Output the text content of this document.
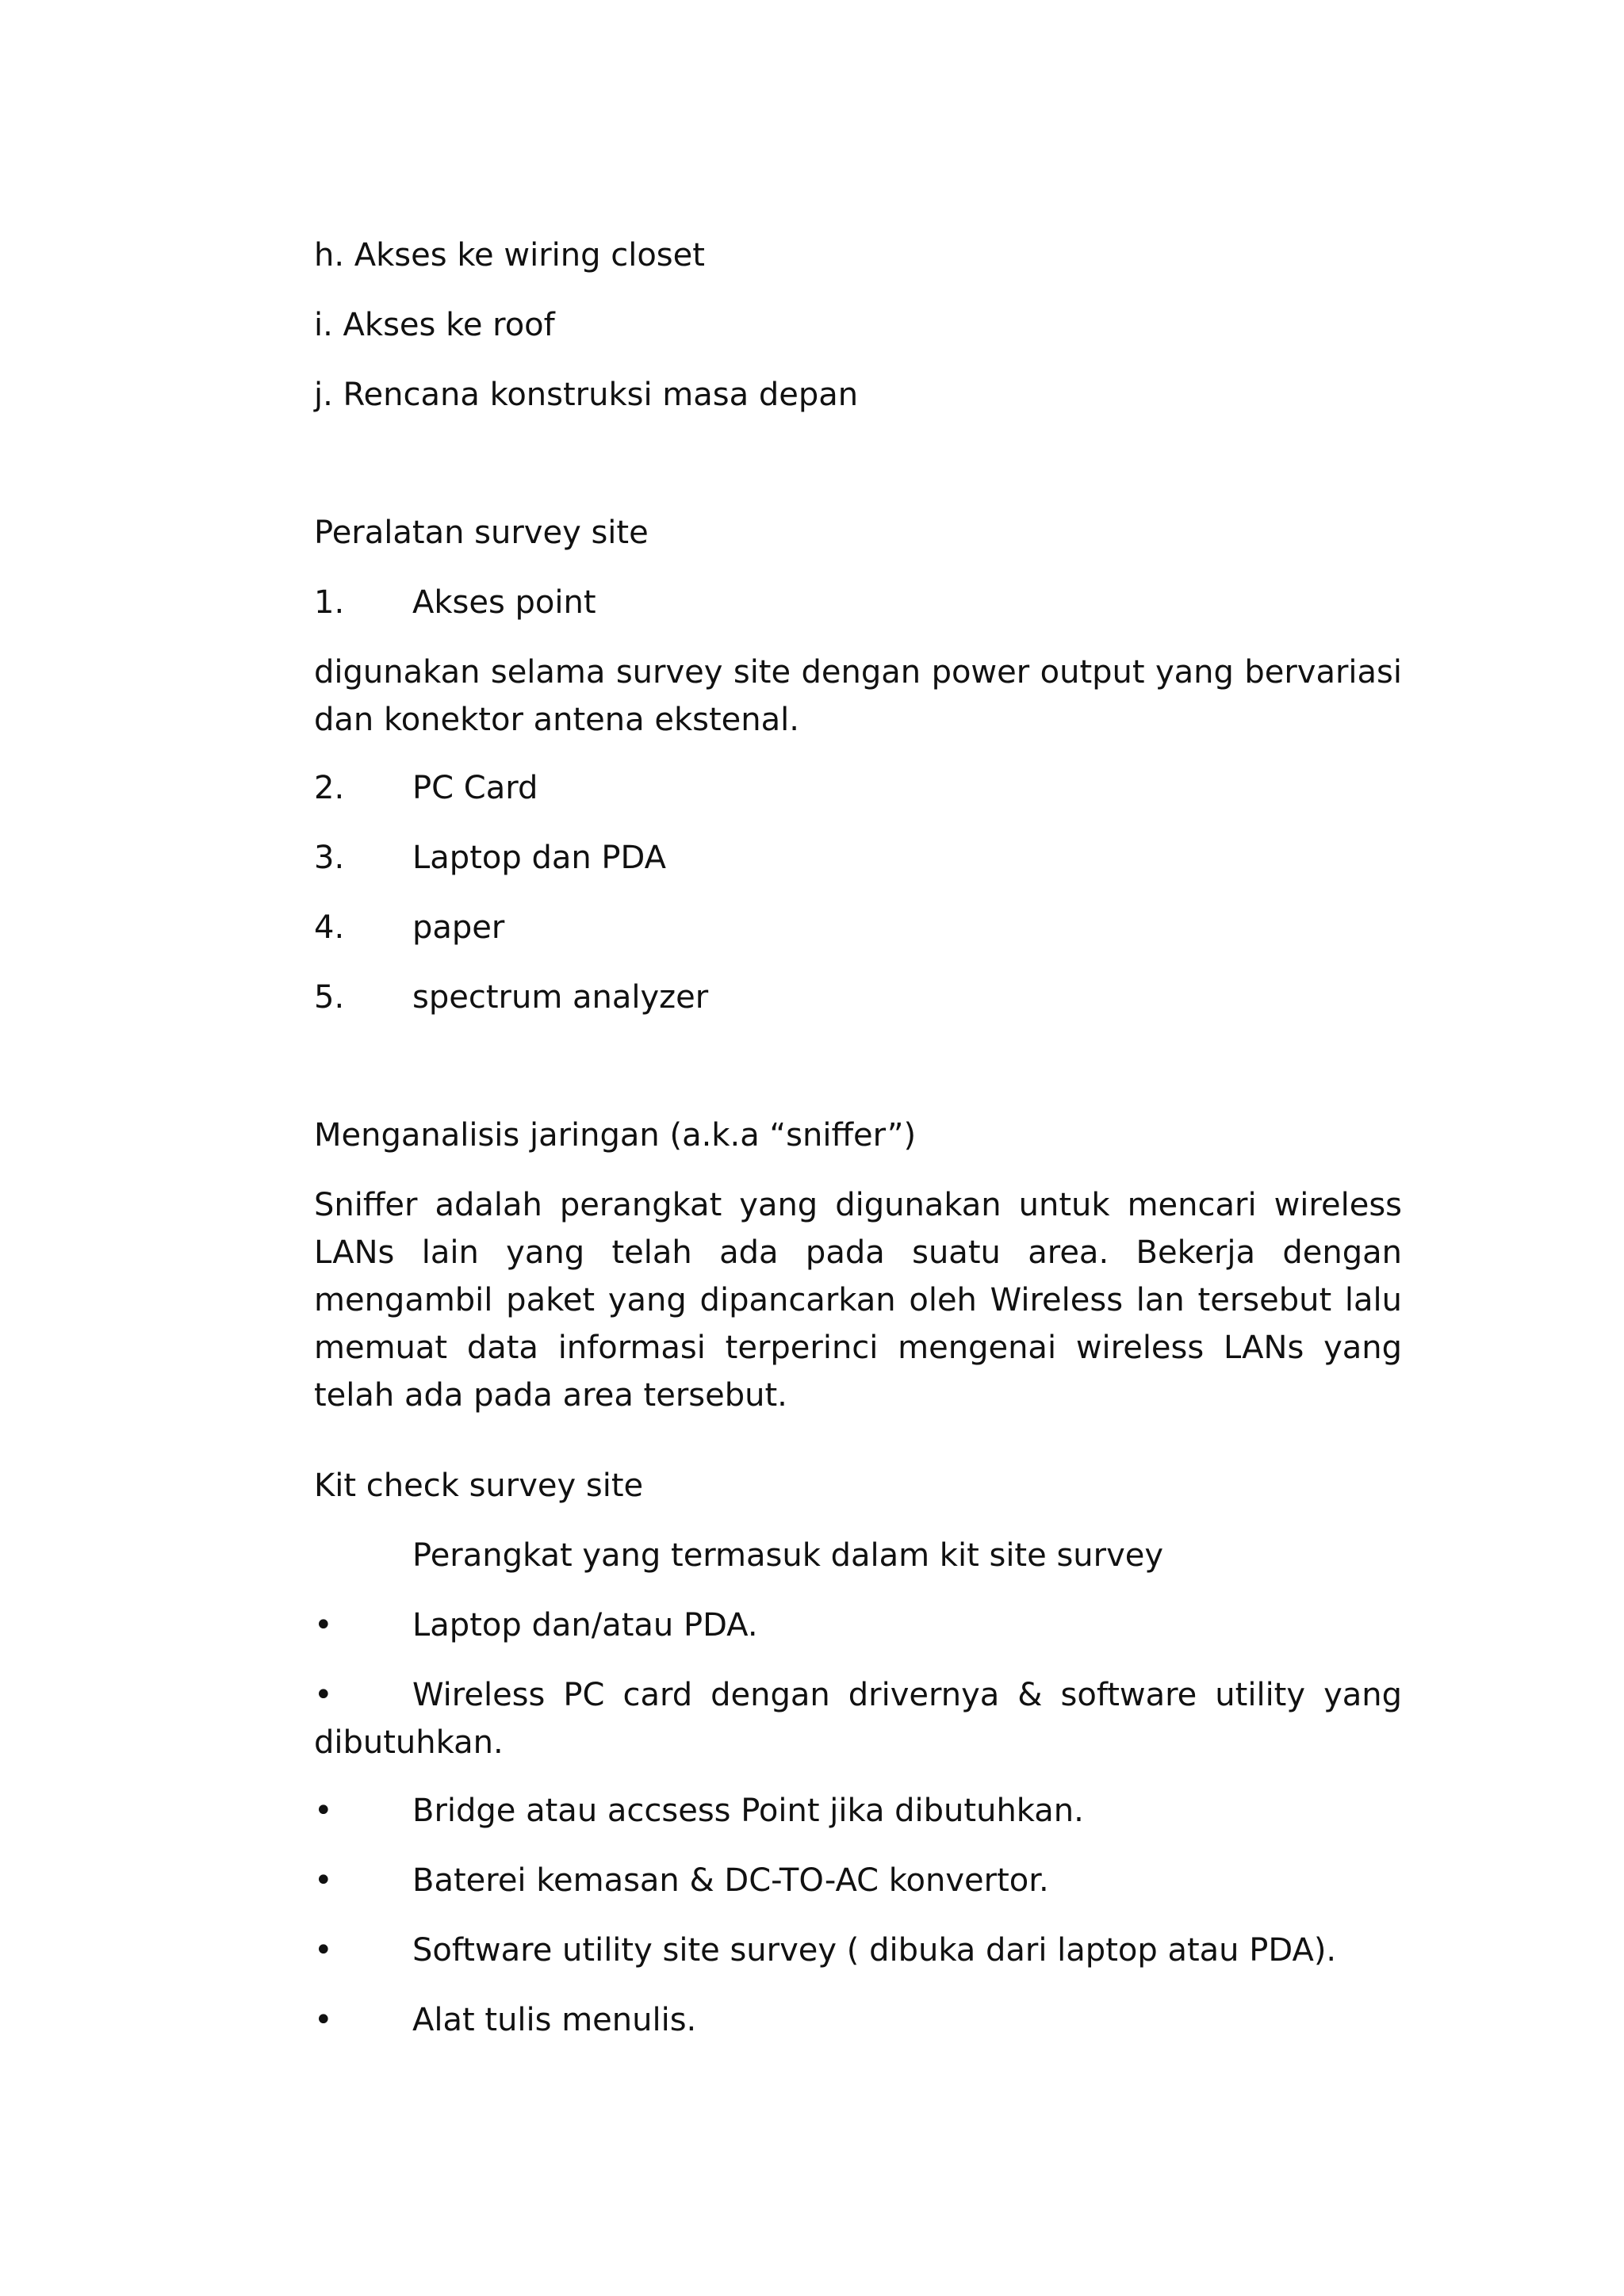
h. Akses ke wiring closet
i. Akses ke roof
j. Rencana konstruksi masa depan
Peralatan survey site
1. Akses point
digunakan selama survey site dengan power output yang bervariasi dan konektor antena ekstenal.
2. PC Card
3. Laptop dan PDA
4. paper
5. spectrum analyzer
Menganalisis jaringan (a.k.a “sniffer”)
Sniffer adalah perangkat yang digunakan untuk mencari wireless LANs lain yang telah ada pada suatu area. Bekerja dengan mengambil paket yang dipancarkan oleh Wireless lan tersebut lalu memuat data informasi terperinci mengenai wireless LANs yang telah ada pada area tersebut.
Kit check survey site
Perangkat yang termasuk dalam kit site survey
•	Laptop dan/atau PDA.
•	Wireless PC card dengan drivernya & software utility yang dibutuhkan.
•	Bridge atau accsess Point jika dibutuhkan.
•	Baterei kemasan & DC-TO-AC konvertor.
•	Software utility site survey ( dibuka dari laptop atau PDA).
•	Alat tulis menulis.
